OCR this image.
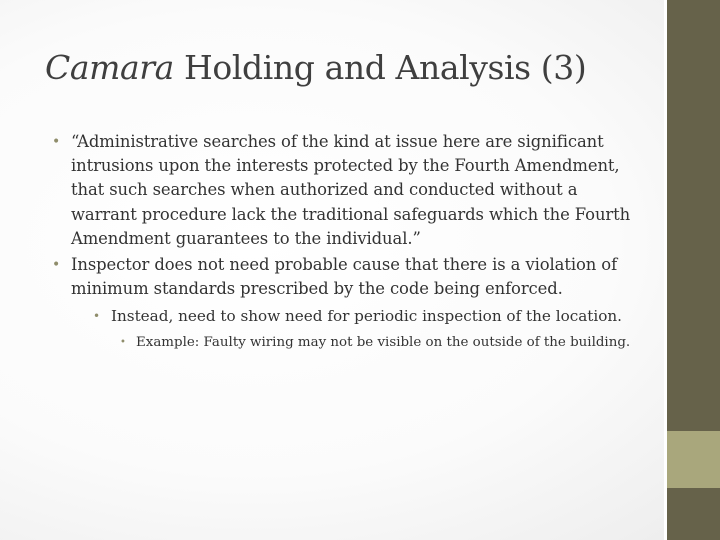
Camara Holding and Analysis (3)

• “Administrative searches of the kind at issue here are significant intrusions upon the interests protected by the Fourth Amendment, that such searches when authorized and conducted without a warrant procedure lack the traditional safeguards which the Fourth Amendment guarantees to the individual.”

• Inspector does not need probable cause that there is a violation of minimum standards prescribed by the code being enforced.

• Instead, need to show need for periodic inspection of the location.

• Example: Faulty wiring may not be visible on the outside of the building.
